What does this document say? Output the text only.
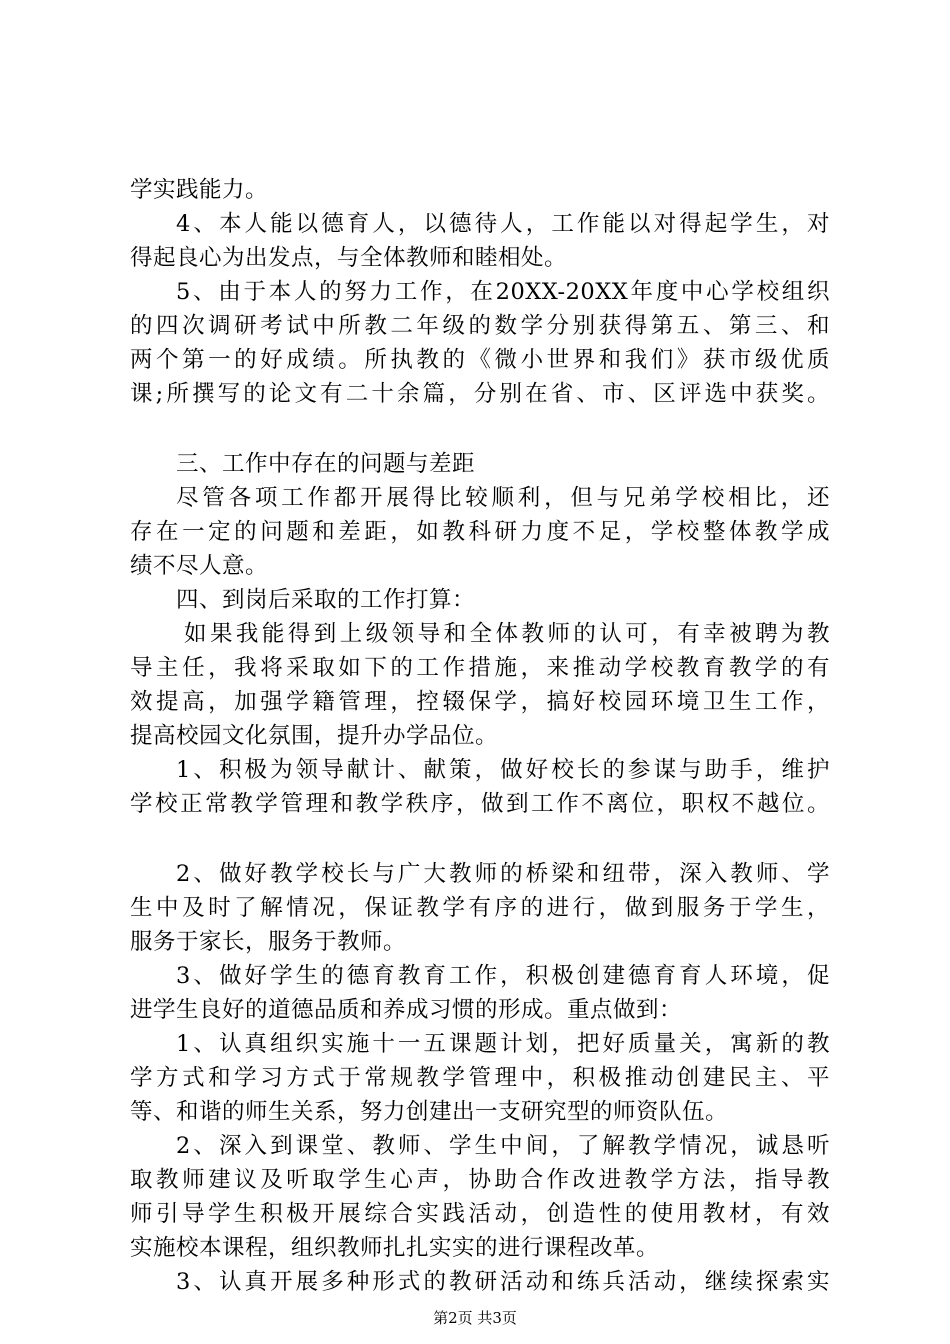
学实践能力。
4、本人能以德育人，以德待人，工作能以对得起学生，对
得起良心为出发点，与全体教师和睦相处。
5、由于本人的努力工作，在20XX-20XX年度中心学校组织
的四次调研考试中所教二年级的数学分别获得第五、第三、和
两个第一的好成绩。所执教的《微小世界和我们》获市级优质
课;所撰写的论文有二十余篇，分别在省、市、区评选中获奖。
三、工作中存在的问题与差距
尽管各项工作都开展得比较顺利，但与兄弟学校相比，还
存在一定的问题和差距，如教科研力度不足，学校整体教学成
绩不尽人意。
四、到岗后采取的工作打算：
如果我能得到上级领导和全体教师的认可，有幸被聘为教
导主任，我将采取如下的工作措施，来推动学校教育教学的有
效提高，加强学籍管理，控辍保学，搞好校园环境卫生工作，
提高校园文化氛围，提升办学品位。
1、积极为领导献计、献策，做好校长的参谋与助手，维护
学校正常教学管理和教学秩序，做到工作不离位，职权不越位。
2、做好教学校长与广大教师的桥梁和纽带，深入教师、学
生中及时了解情况，保证教学有序的进行，做到服务于学生，
服务于家长，服务于教师。
3、做好学生的德育教育工作，积极创建德育育人环境，促
进学生良好的道德品质和养成习惯的形成。重点做到：
1、认真组织实施十一五课题计划，把好质量关，寓新的教
学方式和学习方式于常规教学管理中，积极推动创建民主、平
等、和谐的师生关系，努力创建出一支研究型的师资队伍。
2、深入到课堂、教师、学生中间，了解教学情况，诚恳听
取教师建议及听取学生心声，协助合作改进教学方法，指导教
师引导学生积极开展综合实践活动，创造性的使用教材，有效
实施校本课程，组织教师扎扎实实的进行课程改革。
3、认真开展多种形式的教研活动和练兵活动，继续探索实
第2页 共3页
